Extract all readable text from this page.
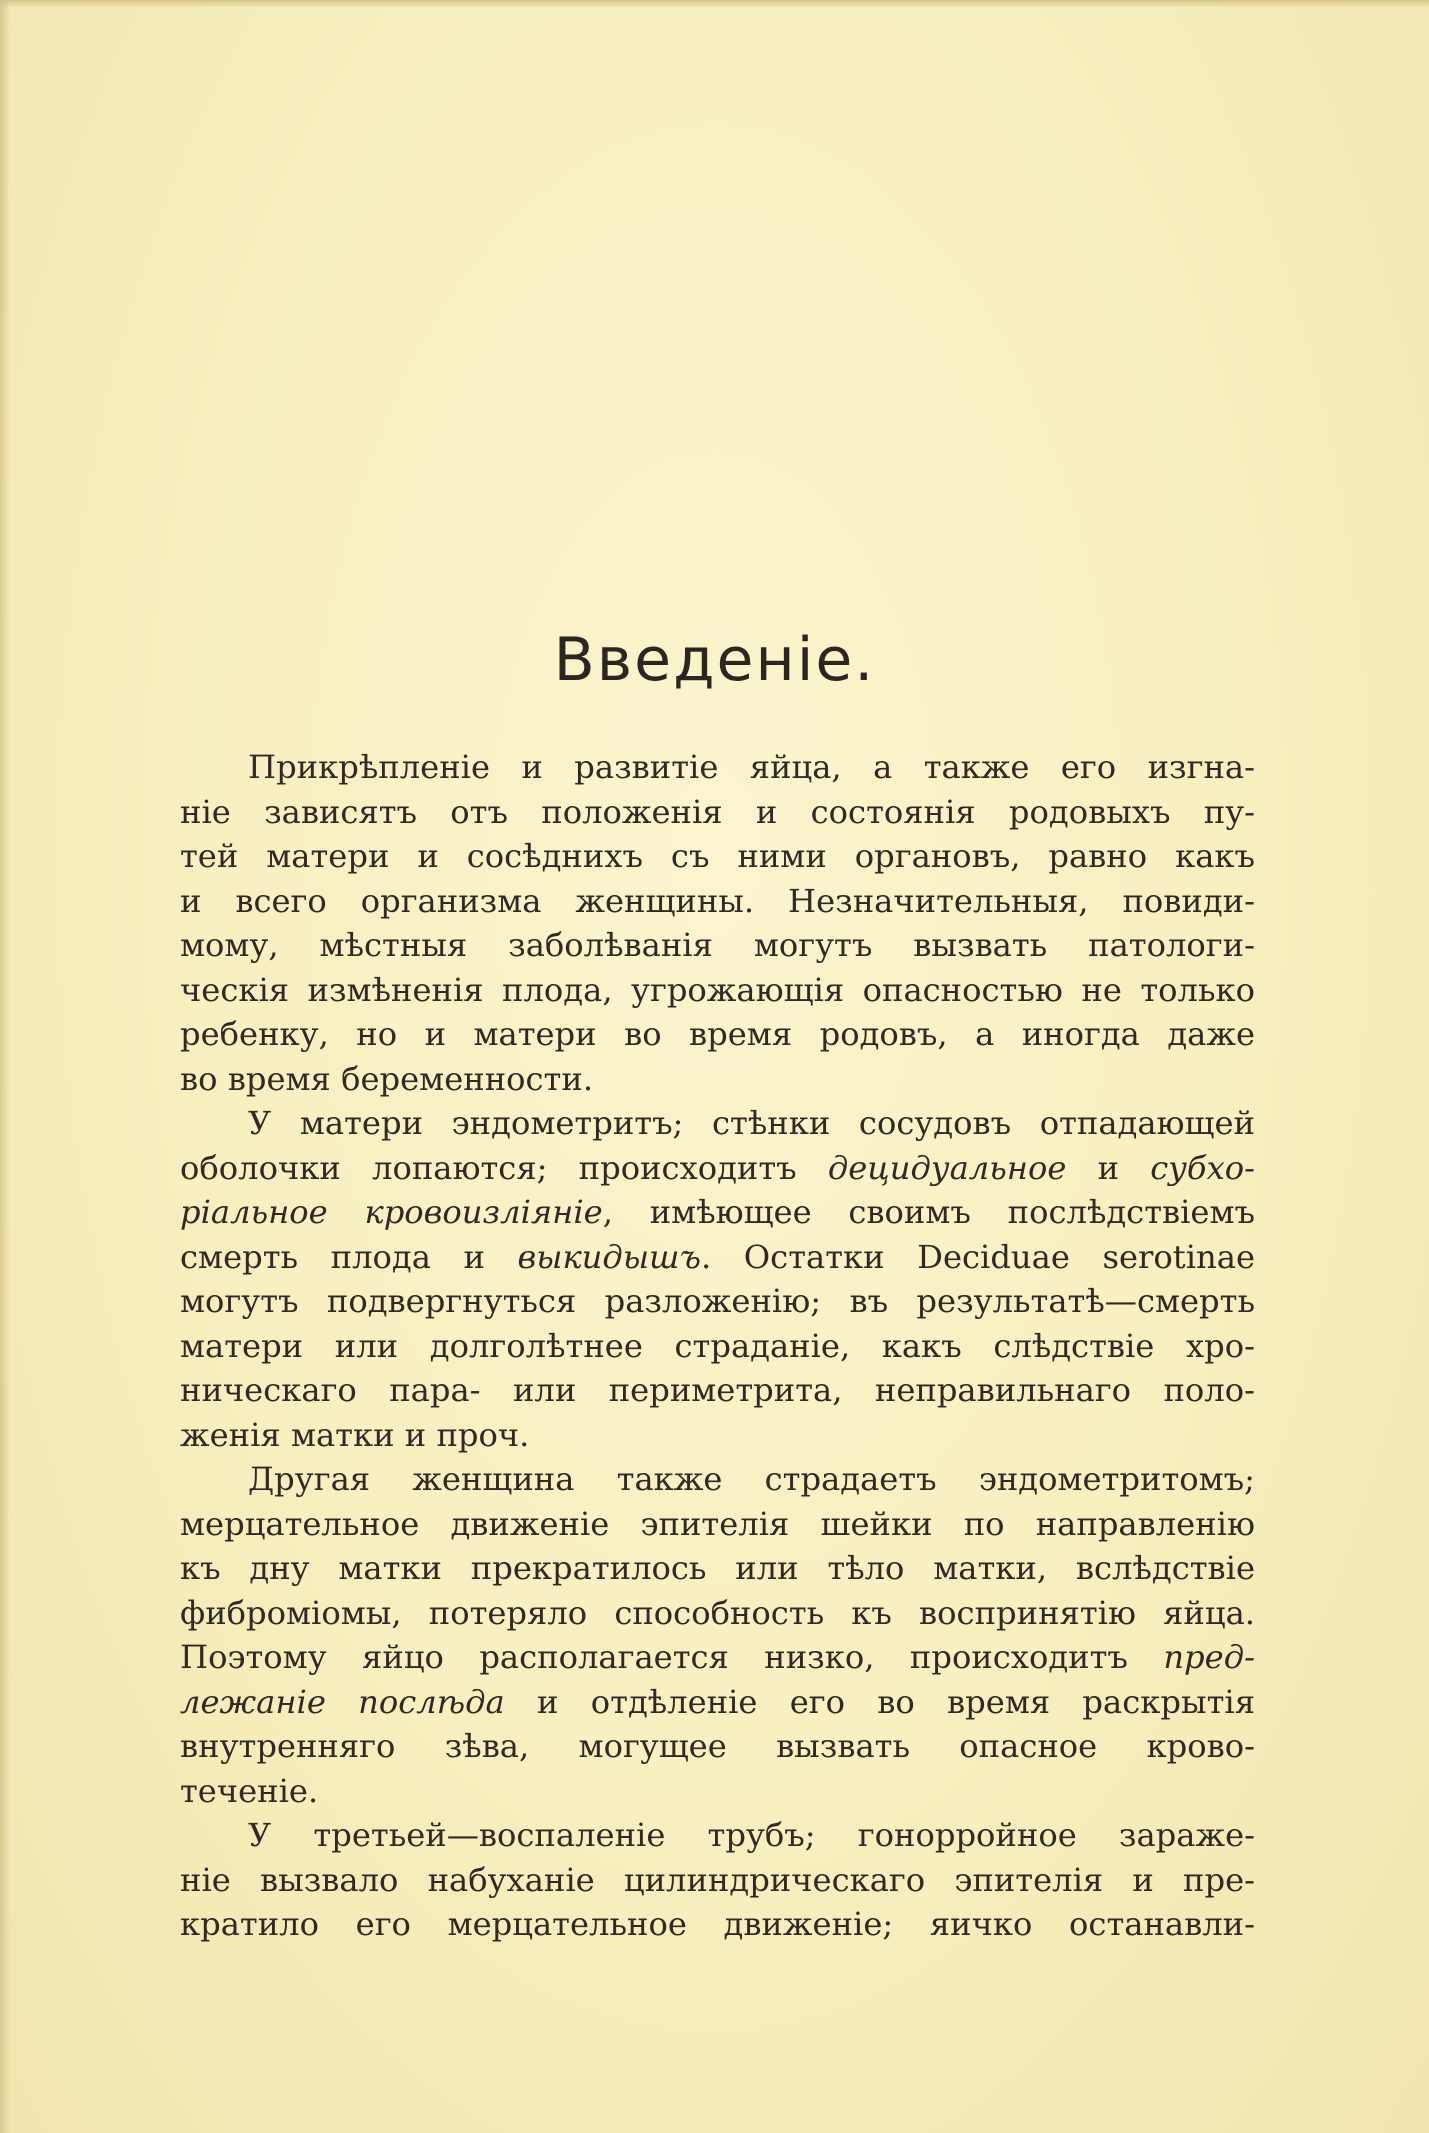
Введеніе.
Прикрѣпленіе и развитіе яйца, а также его изгна-
ніе зависятъ отъ положенія и состоянія родовыхъ пу-
тей матери и сосѣднихъ съ ними органовъ, равно какъ
и всего организма женщины. Незначительныя, повиди-
мому, мѣстныя заболѣванія могутъ вызвать патологи-
ческія измѣненія плода, угрожающія опасностью не только
ребенку, но и матери во время родовъ, а иногда даже
во время беременности.
У матери эндометритъ; стѣнки сосудовъ отпадающей
оболочки лопаются; происходитъ децидуальное и субхо-
ріальное кровоизліяніе, имѣющее своимъ послѣдствіемъ
смерть плода и выкидышъ. Остатки Deciduae serotinae
могутъ подвергнуться разложенію; въ результатѣ—смерть
матери или долголѣтнее страданіе, какъ слѣдствіе хро-
ническаго пара- или периметрита, неправильнаго поло-
женія матки и проч.
Другая женщина также страдаетъ эндометритомъ;
мерцательное движеніе эпителія шейки по направленію
къ дну матки прекратилось или тѣло матки, вслѣдствіе
фиброміомы, потеряло способность къ воспринятію яйца.
Поэтому яйцо располагается низко, происходитъ пред-
лежаніе послѣда и отдѣленіе его во время раскрытія
внутренняго зѣва, могущее вызвать опасное крово-
теченіе.
У третьей—воспаленіе трубъ; гонорройное зараже-
ніе вызвало набуханіе цилиндрическаго эпителія и пре-
кратило его мерцательное движеніе; яичко останавли-
